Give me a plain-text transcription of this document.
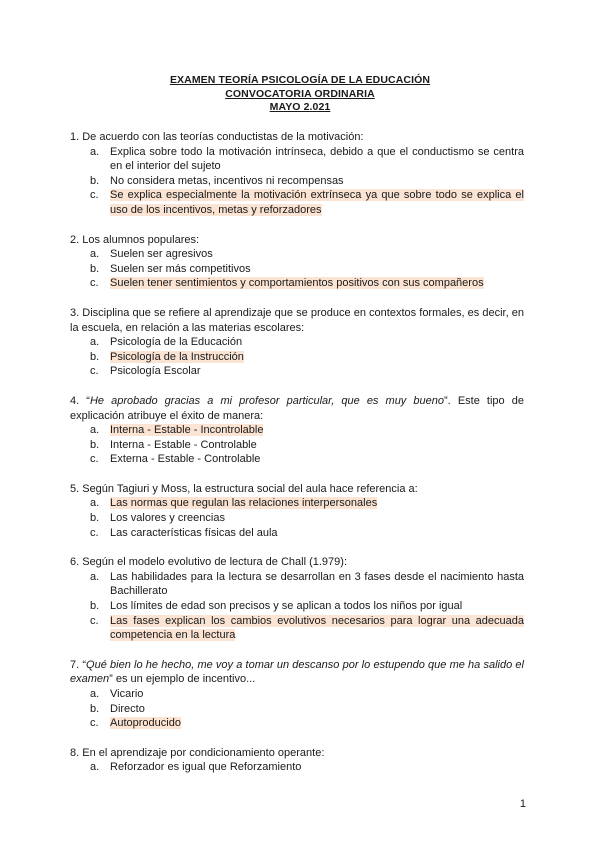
EXAMEN TEORÍA PSICOLOGÍA DE LA EDUCACIÓN
CONVOCATORIA ORDINARIA
MAYO 2.021
1. De acuerdo con las teorías conductistas de la motivación:
a. Explica sobre todo la motivación intrínseca, debido a que el conductismo se centra en el interior del sujeto
b. No considera metas, incentivos ni recompensas
c. Se explica especialmente la motivación extrínseca ya que sobre todo se explica el uso de los incentivos, metas y reforzadores
2. Los alumnos populares:
a. Suelen ser agresivos
b. Suelen ser más competitivos
c. Suelen tener sentimientos y comportamientos positivos con sus compañeros
3. Disciplina que se refiere al aprendizaje que se produce en contextos formales, es decir, en la escuela, en relación a las materias escolares:
a. Psicología de la Educación
b. Psicología de la Instrucción
c. Psicología Escolar
4. “He aprobado gracias a mi profesor particular, que es muy bueno”. Este tipo de explicación atribuye el éxito de manera:
a. Interna - Estable - Incontrolable
b. Interna - Estable - Controlable
c. Externa - Estable - Controlable
5. Según Tagiuri y Moss, la estructura social del aula hace referencia a:
a. Las normas que regulan las relaciones interpersonales
b. Los valores y creencias
c. Las características físicas del aula
6. Según el modelo evolutivo de lectura de Chall (1.979):
a. Las habilidades para la lectura se desarrollan en 3 fases desde el nacimiento hasta Bachillerato
b. Los límites de edad son precisos y se aplican a todos los niños por igual
c. Las fases explican los cambios evolutivos necesarios para lograr una adecuada competencia en la lectura
7. “Qué bien lo he hecho, me voy a tomar un descanso por lo estupendo que me ha salido el examen” es un ejemplo de incentivo...
a. Vicario
b. Directo
c. Autoproducido
8. En el aprendizaje por condicionamiento operante:
a. Reforzador es igual que Reforzamiento
1
